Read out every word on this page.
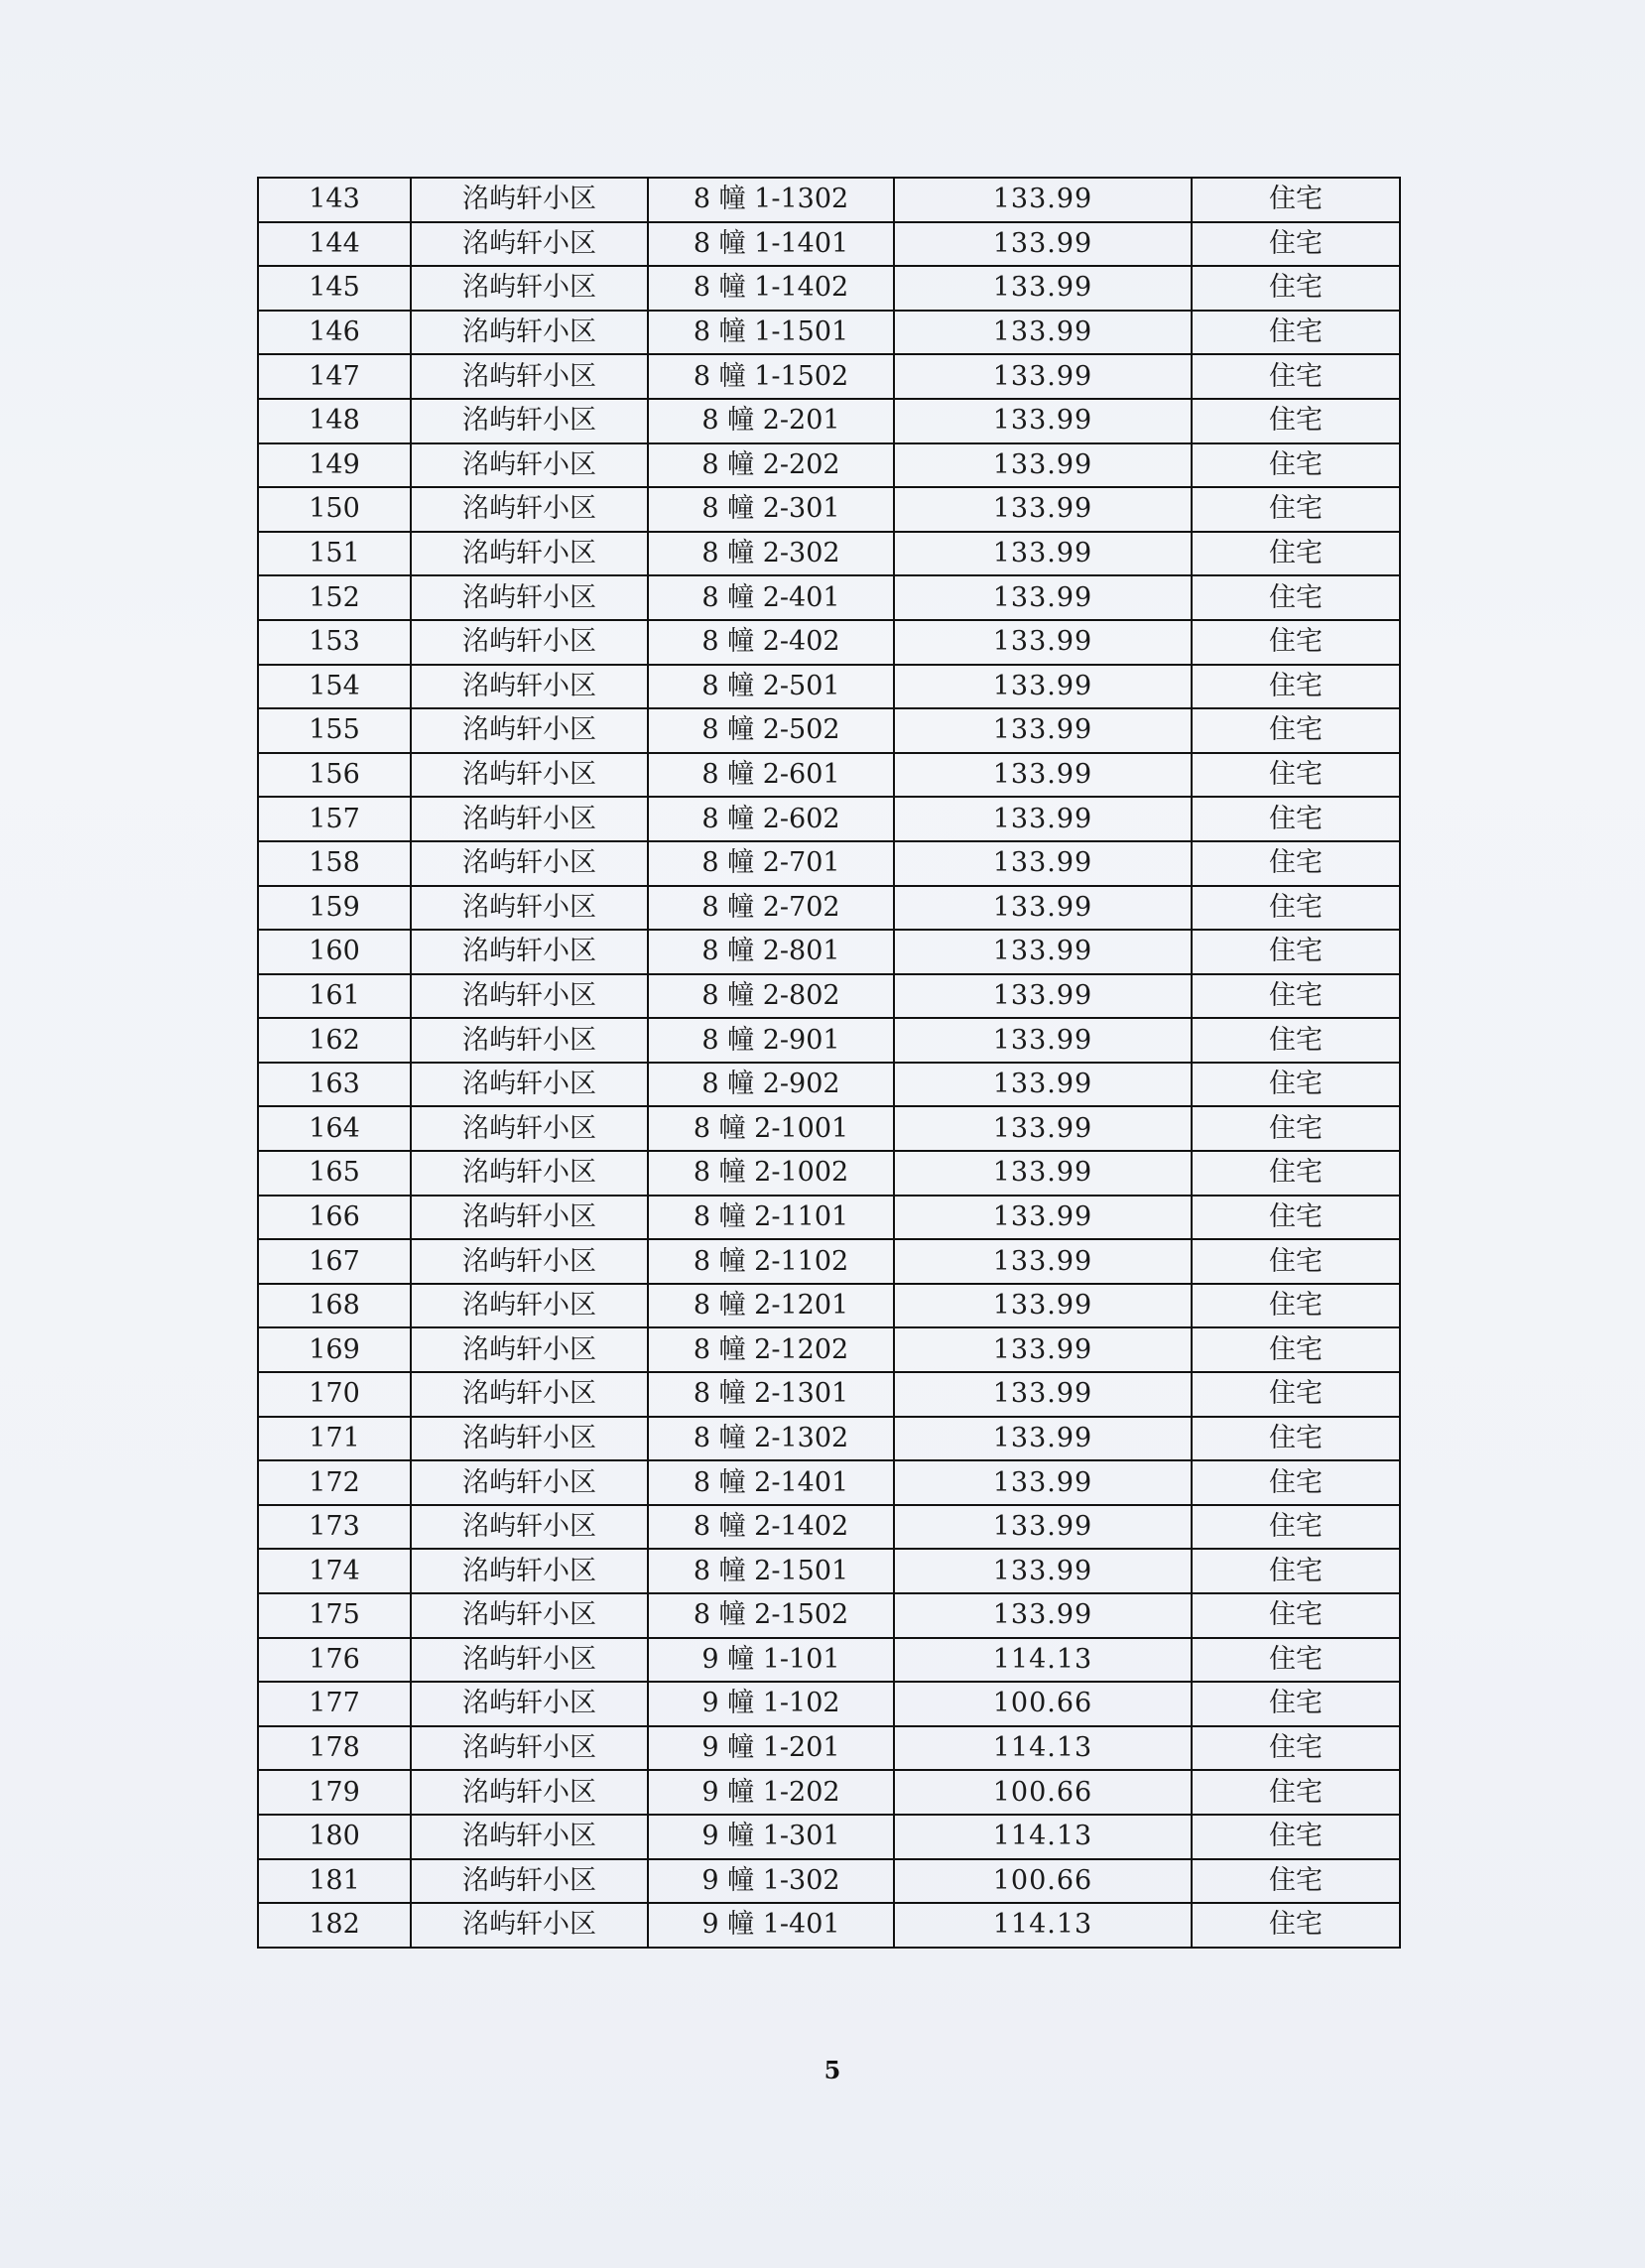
143	洺屿轩小区	8 幢 1-1302	133.99	住宅
144	洺屿轩小区	8 幢 1-1401	133.99	住宅
145	洺屿轩小区	8 幢 1-1402	133.99	住宅
146	洺屿轩小区	8 幢 1-1501	133.99	住宅
147	洺屿轩小区	8 幢 1-1502	133.99	住宅
148	洺屿轩小区	8 幢 2-201	133.99	住宅
149	洺屿轩小区	8 幢 2-202	133.99	住宅
150	洺屿轩小区	8 幢 2-301	133.99	住宅
151	洺屿轩小区	8 幢 2-302	133.99	住宅
152	洺屿轩小区	8 幢 2-401	133.99	住宅
153	洺屿轩小区	8 幢 2-402	133.99	住宅
154	洺屿轩小区	8 幢 2-501	133.99	住宅
155	洺屿轩小区	8 幢 2-502	133.99	住宅
156	洺屿轩小区	8 幢 2-601	133.99	住宅
157	洺屿轩小区	8 幢 2-602	133.99	住宅
158	洺屿轩小区	8 幢 2-701	133.99	住宅
159	洺屿轩小区	8 幢 2-702	133.99	住宅
160	洺屿轩小区	8 幢 2-801	133.99	住宅
161	洺屿轩小区	8 幢 2-802	133.99	住宅
162	洺屿轩小区	8 幢 2-901	133.99	住宅
163	洺屿轩小区	8 幢 2-902	133.99	住宅
164	洺屿轩小区	8 幢 2-1001	133.99	住宅
165	洺屿轩小区	8 幢 2-1002	133.99	住宅
166	洺屿轩小区	8 幢 2-1101	133.99	住宅
167	洺屿轩小区	8 幢 2-1102	133.99	住宅
168	洺屿轩小区	8 幢 2-1201	133.99	住宅
169	洺屿轩小区	8 幢 2-1202	133.99	住宅
170	洺屿轩小区	8 幢 2-1301	133.99	住宅
171	洺屿轩小区	8 幢 2-1302	133.99	住宅
172	洺屿轩小区	8 幢 2-1401	133.99	住宅
173	洺屿轩小区	8 幢 2-1402	133.99	住宅
174	洺屿轩小区	8 幢 2-1501	133.99	住宅
175	洺屿轩小区	8 幢 2-1502	133.99	住宅
176	洺屿轩小区	9 幢 1-101	114.13	住宅
177	洺屿轩小区	9 幢 1-102	100.66	住宅
178	洺屿轩小区	9 幢 1-201	114.13	住宅
179	洺屿轩小区	9 幢 1-202	100.66	住宅
180	洺屿轩小区	9 幢 1-301	114.13	住宅
181	洺屿轩小区	9 幢 1-302	100.66	住宅
182	洺屿轩小区	9 幢 1-401	114.13	住宅
5
